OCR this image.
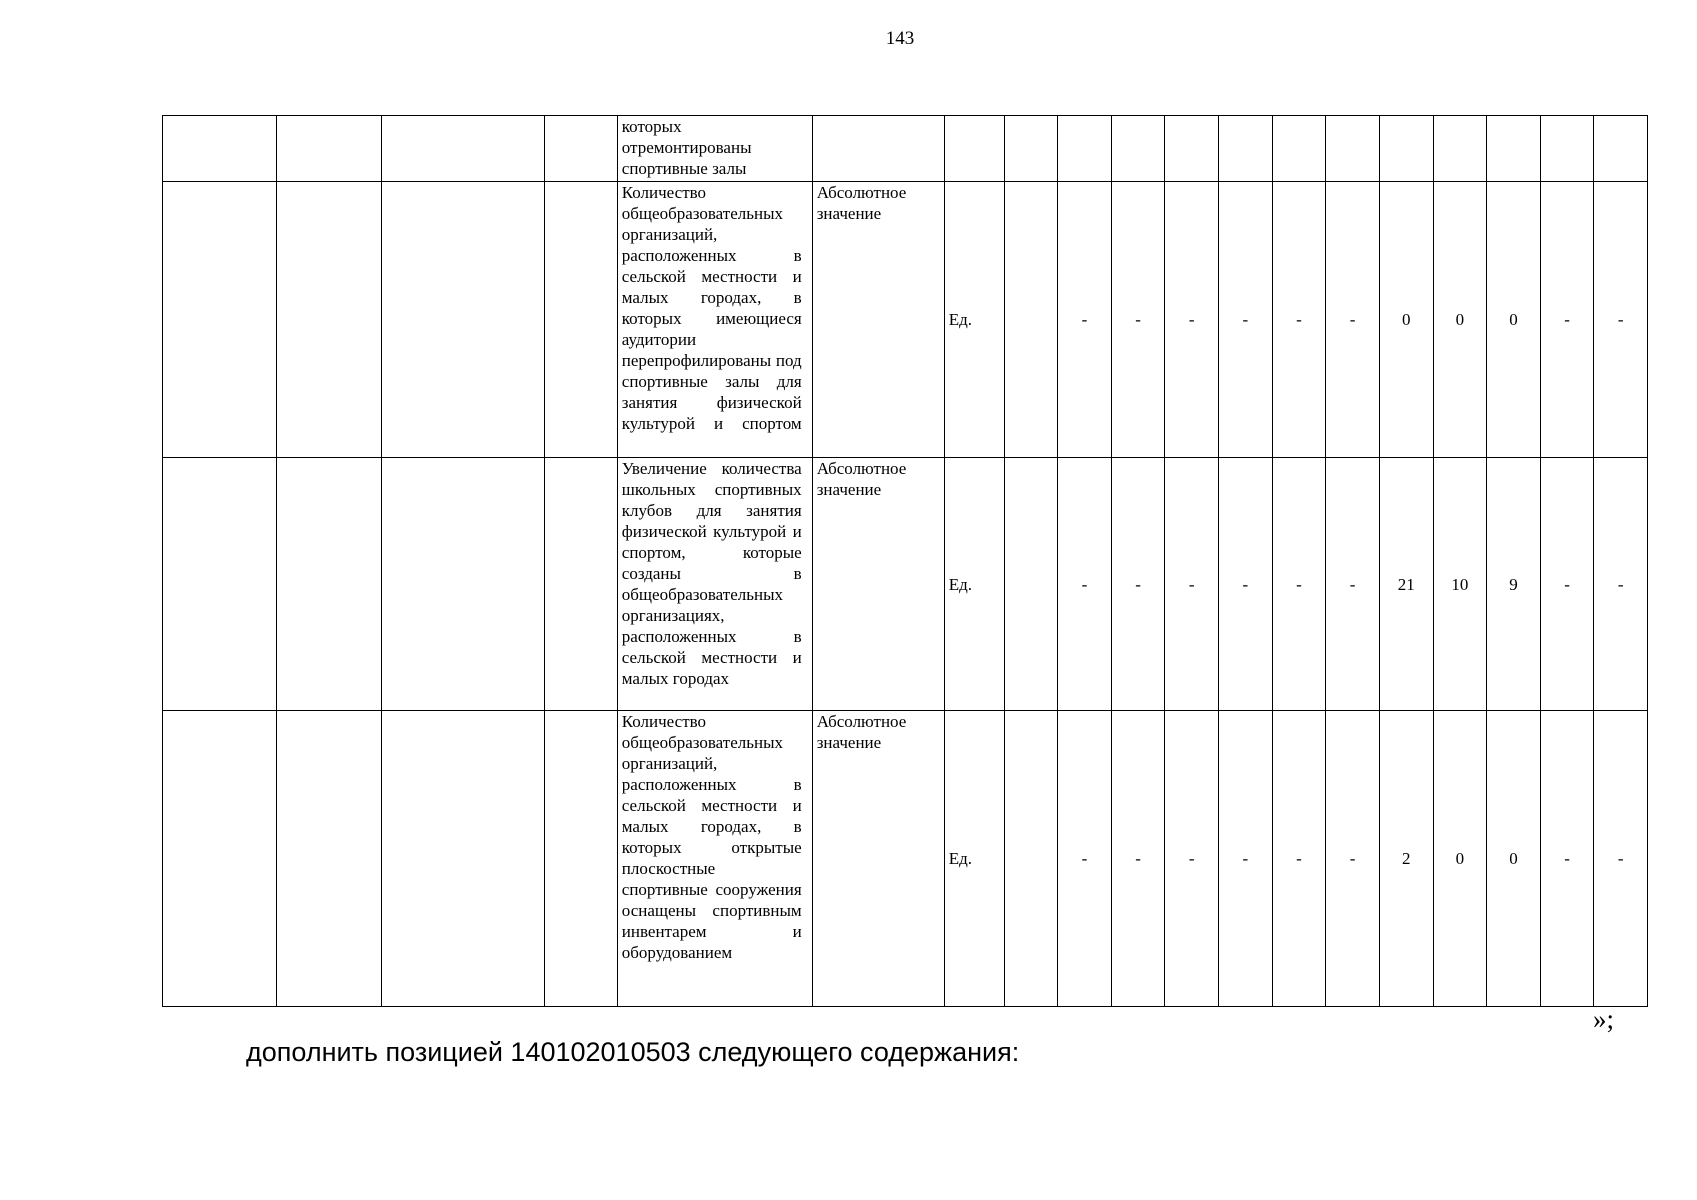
143
				которых отремонтированы спортивные залы														
				Количество общеобразовательных организаций, расположенных в сельской местности и малых городах, в которых имеющиеся аудитории перепрофилированы под спортивные залы для занятия физической культурой и спортом	Абсолютное значение	Ед.		-	-	-	-	-	-	0	0	0	-	-
				Увеличение количества школьных спортивных клубов для занятия физической культурой и спортом, которые созданы в общеобразовательных организациях, расположенных в сельской местности и малых городах	Абсолютное значение	Ед.		-	-	-	-	-	-	21	10	9	-	-
				Количество общеобразовательных организаций, расположенных в сельской местности и малых городах, в которых открытые плоскостные спортивные сооружения оснащены спортивным инвентарем и оборудованием	Абсолютное значение	Ед.		-	-	-	-	-	-	2	0	0	-	-
»;
дополнить позицией 140102010503 следующего содержания:
